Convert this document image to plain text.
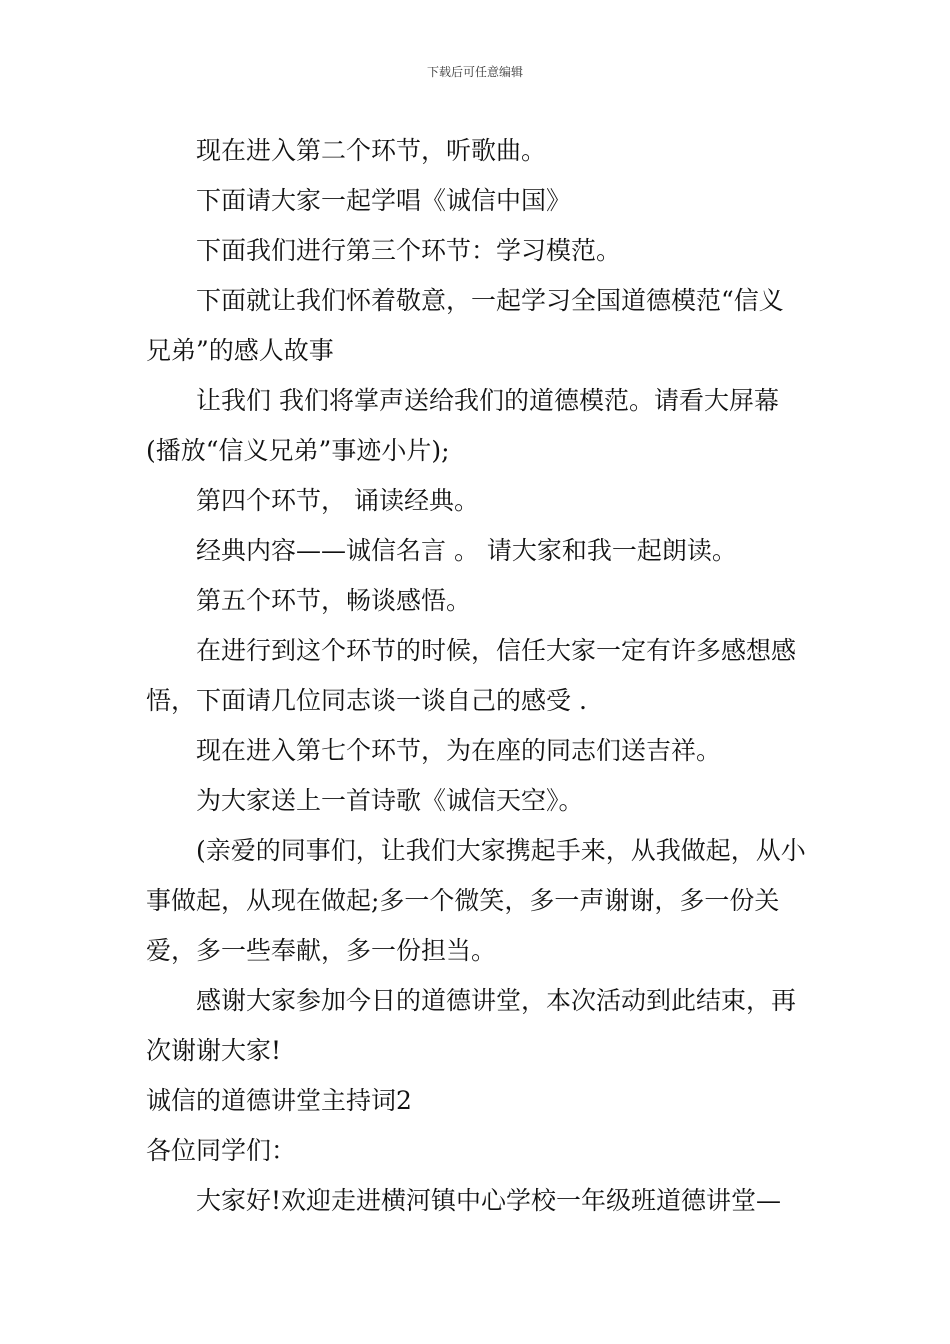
下载后可任意编辑

现在进入第二个环节，听歌曲。

下面请大家一起学唱《诚信中国》

下面我们进行第三个环节：学习模范。

下面就让我们怀着敬意，一起学习全国道德模范“信义兄弟”的感人故事

让我们 我们将掌声送给我们的道德模范。请看大屏幕(播放“信义兄弟”事迹小片);

第四个环节， 诵读经典。

经典内容——诚信名言 。 请大家和我一起朗读。

第五个环节，畅谈感悟。

在进行到这个环节的时候，信任大家一定有许多感想感悟，下面请几位同志谈一谈自己的感受 .

现在进入第七个环节，为在座的同志们送吉祥。

为大家送上一首诗歌《诚信天空》。

(亲爱的同事们，让我们大家携起手来，从我做起，从小事做起，从现在做起;多一个微笑，多一声谢谢，多一份关爱，多一些奉献，多一份担当。

感谢大家参加今日的道德讲堂，本次活动到此结束，再次谢谢大家!

诚信的道德讲堂主持词2

各位同学们：

大家好!欢迎走进横河镇中心学校一年级班道德讲堂—
